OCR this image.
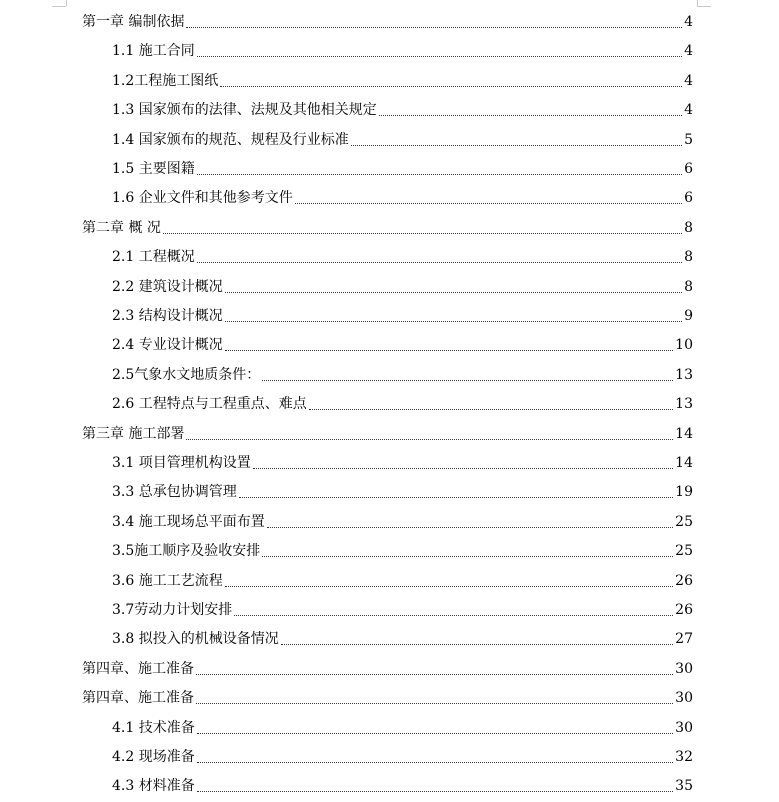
第一章 编制依据	4
1.1 施工合同	4
1.2工程施工图纸	4
1.3 国家颁布的法律、法规及其他相关规定	4
1.4 国家颁布的规范、规程及行业标准	5
1.5 主要图籍	6
1.6 企业文件和其他参考文件	6
第二章 概 况	8
2.1 工程概况	8
2.2 建筑设计概况	8
2.3 结构设计概况	9
2.4 专业设计概况	10
2.5气象水文地质条件：	13
2.6 工程特点与工程重点、难点	13
第三章 施工部署	14
3.1 项目管理机构设置	14
3.3 总承包协调管理	19
3.4 施工现场总平面布置	25
3.5施工顺序及验收安排	25
3.6 施工工艺流程	26
3.7劳动力计划安排	26
3.8 拟投入的机械设备情况	27
第四章、施工准备	30
第四章、施工准备	30
4.1 技术准备	30
4.2 现场准备	32
4.3 材料准备	35
